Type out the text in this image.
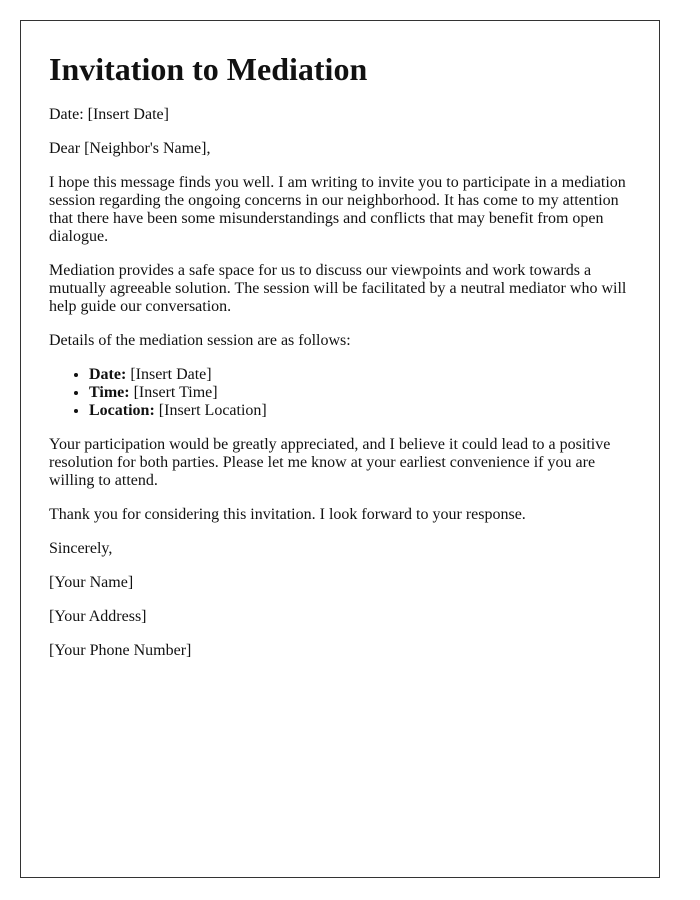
Invitation to Mediation

Date: [Insert Date]

Dear [Neighbor's Name],

I hope this message finds you well. I am writing to invite you to participate in a mediation session regarding the ongoing concerns in our neighborhood. It has come to my attention that there have been some misunderstandings and conflicts that may benefit from open dialogue.

Mediation provides a safe space for us to discuss our viewpoints and work towards a mutually agreeable solution. The session will be facilitated by a neutral mediator who will help guide our conversation.

Details of the mediation session are as follows:

• Date: [Insert Date]
• Time: [Insert Time]
• Location: [Insert Location]

Your participation would be greatly appreciated, and I believe it could lead to a positive resolution for both parties. Please let me know at your earliest convenience if you are willing to attend.

Thank you for considering this invitation. I look forward to your response.

Sincerely,

[Your Name]

[Your Address]

[Your Phone Number]
